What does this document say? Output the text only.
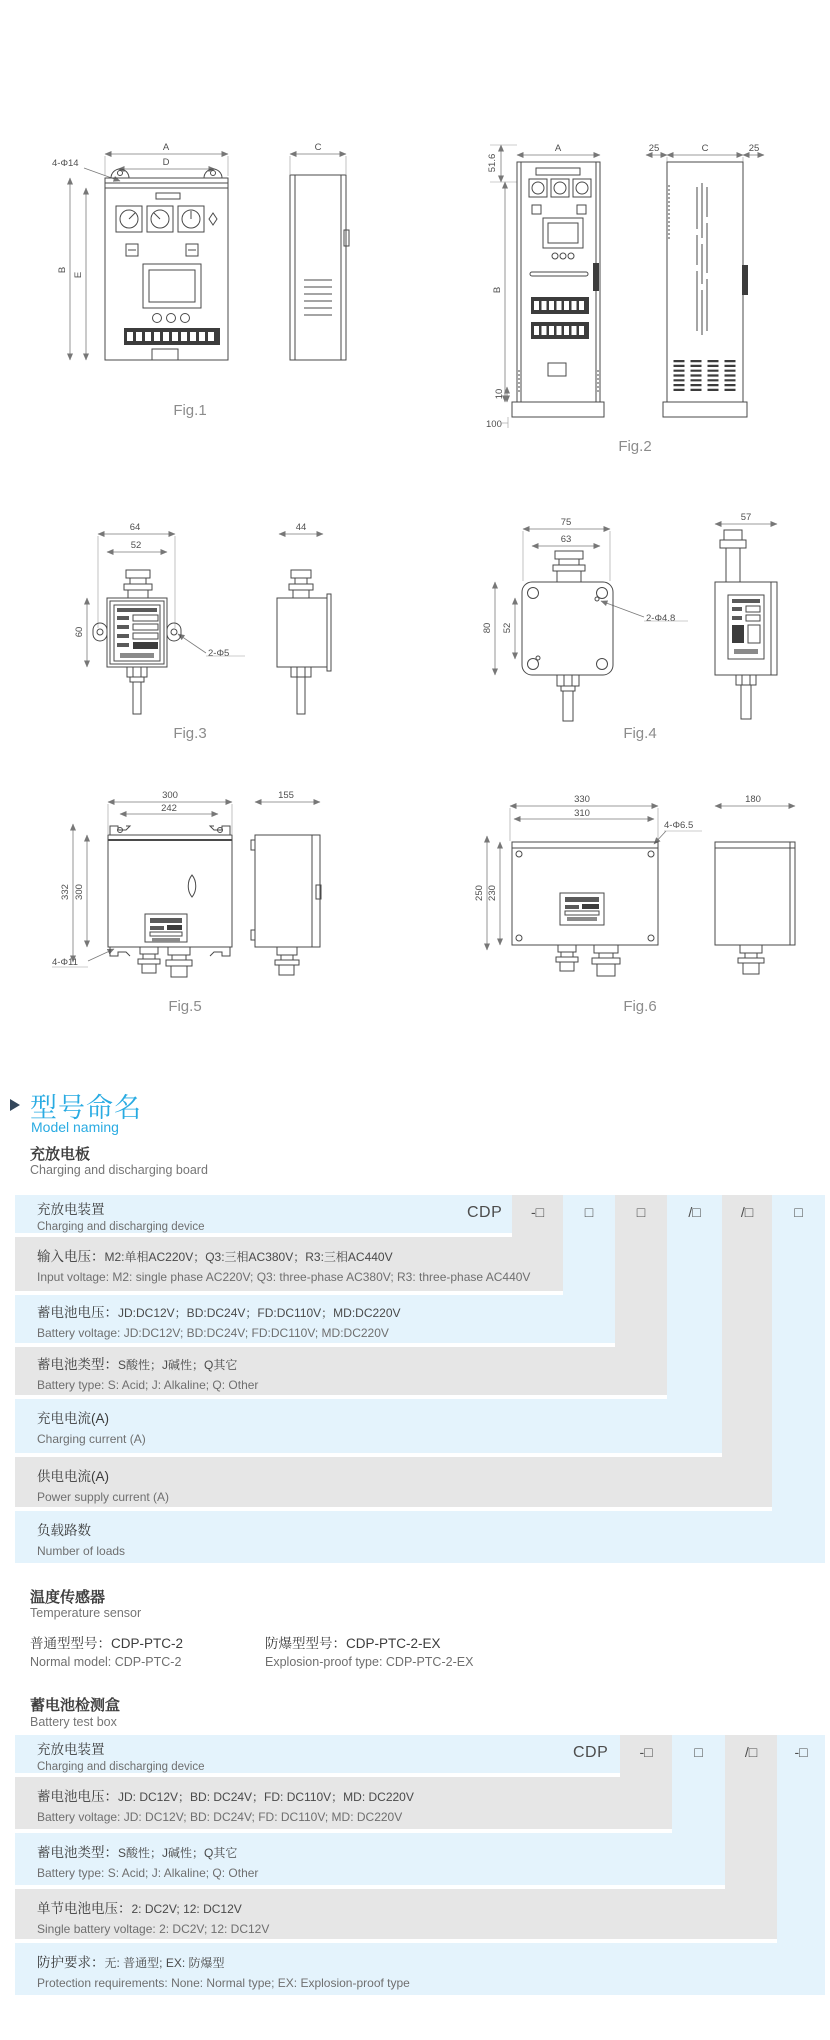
A
D
4-Φ14
B
E
C
Fig.1
A
51.6
B
25	C	25
10
100
Fig.2
64
52
60
2-Φ5
44
Fig.3
75
63
80 52
2-Φ4.8
57
Fig.4
300
242
332 300
4-Φ11
155
Fig.5
330
310
4-Φ6.5
250 230
180
Fig.6
型号命名
Model naming
充放电板
Charging and discharging board
充放电装置
Charging and discharging device
CDP	-□	□	□	/□	/□	□
输入电压：M2:单相AC220V；Q3:三相AC380V；R3:三相AC440V
Input voltage: M2: single phase AC220V; Q3: three-phase AC380V; R3: three-phase AC440V
蓄电池电压：JD:DC12V；BD:DC24V；FD:DC110V；MD:DC220V
Battery voltage: JD:DC12V; BD:DC24V; FD:DC110V; MD:DC220V
蓄电池类型：S酸性；J碱性；Q其它
Battery type: S: Acid; J: Alkaline; Q: Other
充电电流(A)
Charging current (A)
供电电流(A)
Power supply current (A)
负载路数
Number of loads
温度传感器
Temperature sensor
普通型型号：CDP-PTC-2	防爆型型号：CDP-PTC-2-EX
Normal model: CDP-PTC-2	Explosion-proof type: CDP-PTC-2-EX
蓄电池检测盒
Battery test box
充放电装置
Charging and discharging device
CDP	-□	□	/□	-□
蓄电池电压：JD: DC12V；BD: DC24V；FD: DC110V；MD: DC220V
Battery voltage: JD: DC12V; BD: DC24V; FD: DC110V; MD: DC220V
蓄电池类型：S酸性；J碱性；Q其它
Battery type: S: Acid; J: Alkaline; Q: Other
单节电池电压：2: DC2V; 12: DC12V
Single battery voltage: 2: DC2V; 12: DC12V
防护要求：无: 普通型; EX: 防爆型
Protection requirements: None: Normal type; EX: Explosion-proof type
